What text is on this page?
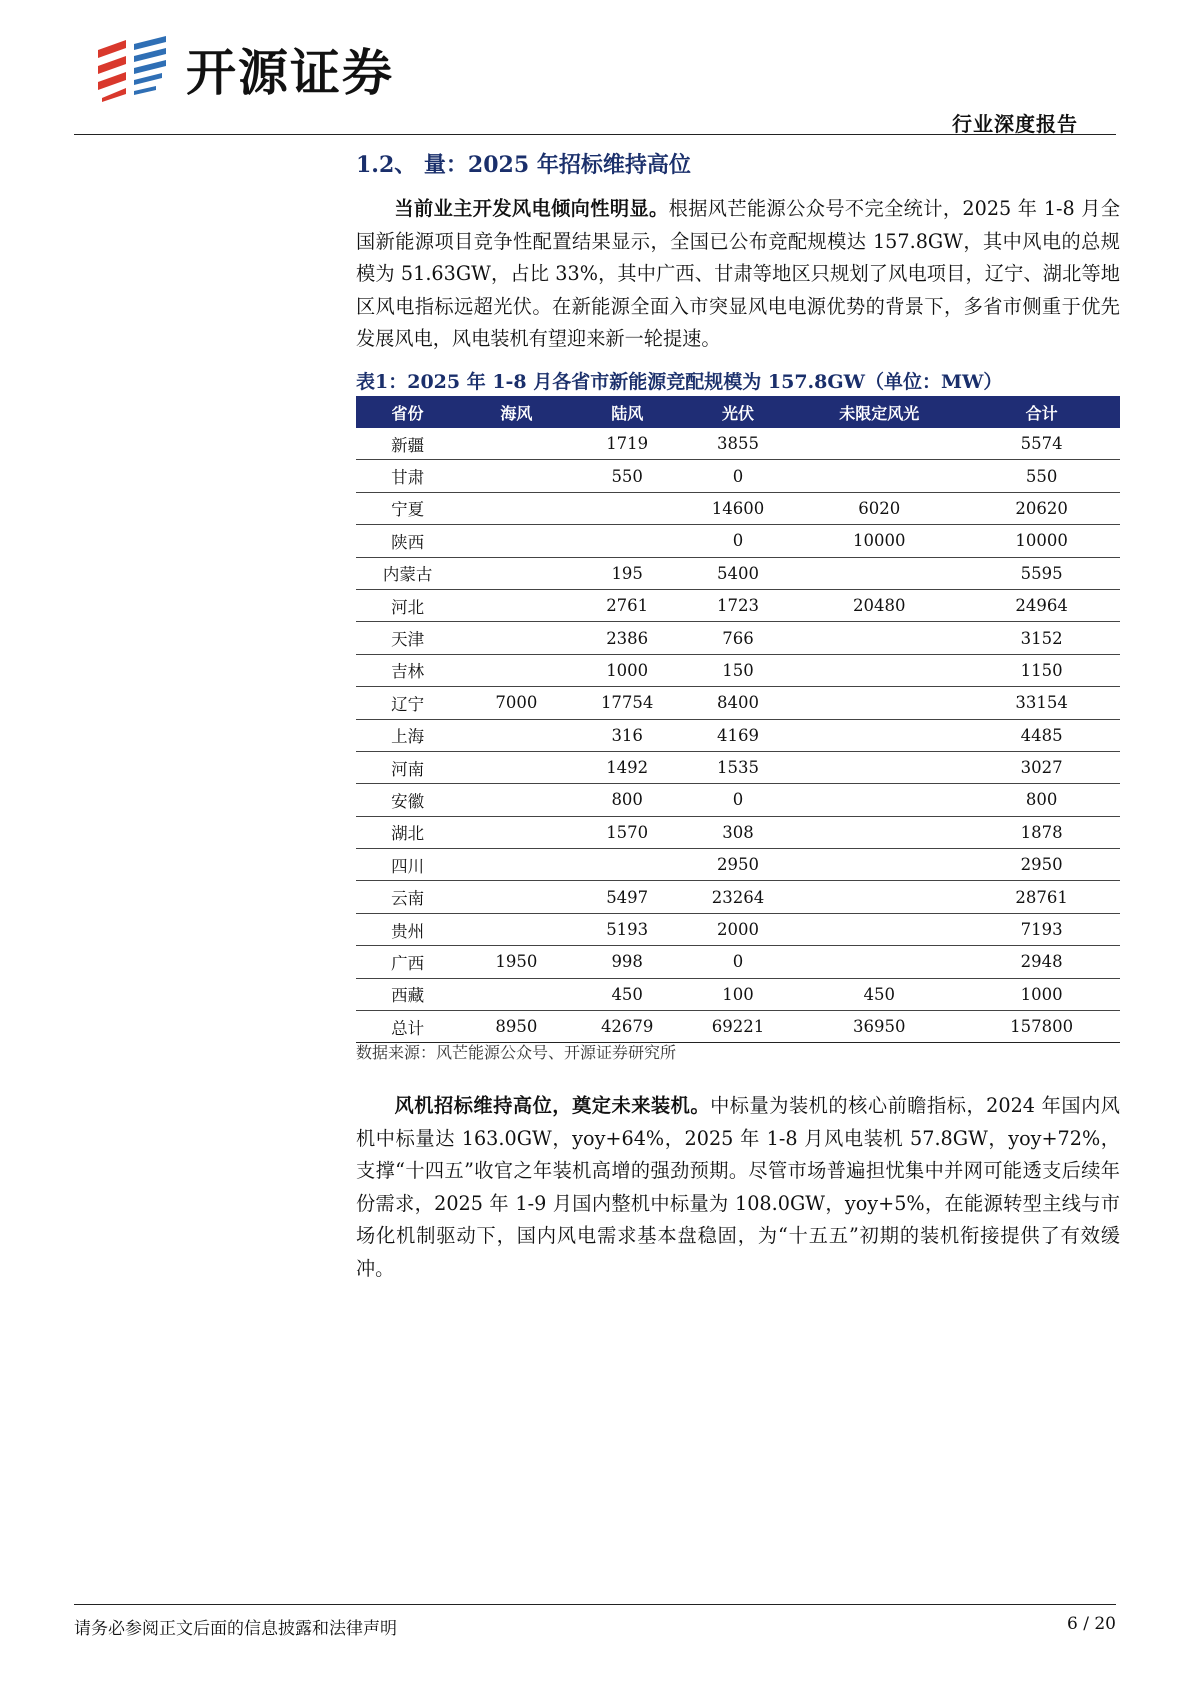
开源证券
行业深度报告
1.2、 量：2025 年招标维持高位
当前业主开发风电倾向性明显。根据风芒能源公众号不完全统计，2025 年 1-8 月全国新能源项目竞争性配置结果显示，全国已公布竞配规模达 157.8GW，其中风电的总规模为 51.63GW，占比 33%，其中广西、甘肃等地区只规划了风电项目，辽宁、湖北等地区风电指标远超光伏。在新能源全面入市突显风电电源优势的背景下，多省市侧重于优先发展风电，风电装机有望迎来新一轮提速。
表1：2025 年 1-8 月各省市新能源竞配规模为 157.8GW（单位：MW）
省份	海风	陆风	光伏	未限定风光	合计
新疆		1719	3855		5574
甘肃		550	0		550
宁夏			14600	6020	20620
陕西			0	10000	10000
内蒙古		195	5400		5595
河北		2761	1723	20480	24964
天津		2386	766		3152
吉林		1000	150		1150
辽宁	7000	17754	8400		33154
上海		316	4169		4485
河南		1492	1535		3027
安徽		800	0		800
湖北		1570	308		1878
四川			2950		2950
云南		5497	23264		28761
贵州		5193	2000		7193
广西	1950	998	0		2948
西藏		450	100	450	1000
总计	8950	42679	69221	36950	157800
数据来源：风芒能源公众号、开源证券研究所
风机招标维持高位，奠定未来装机。中标量为装机的核心前瞻指标，2024 年国内风机中标量达 163.0GW，yoy+64%，2025 年 1-8 月风电装机 57.8GW，yoy+72%，支撑“十四五”收官之年装机高增的强劲预期。尽管市场普遍担忧集中并网可能透支后续年份需求，2025 年 1-9 月国内整机中标量为 108.0GW，yoy+5%，在能源转型主线与市场化机制驱动下，国内风电需求基本盘稳固，为“十五五”初期的装机衔接提供了有效缓冲。
请务必参阅正文后面的信息披露和法律声明	6 / 20
